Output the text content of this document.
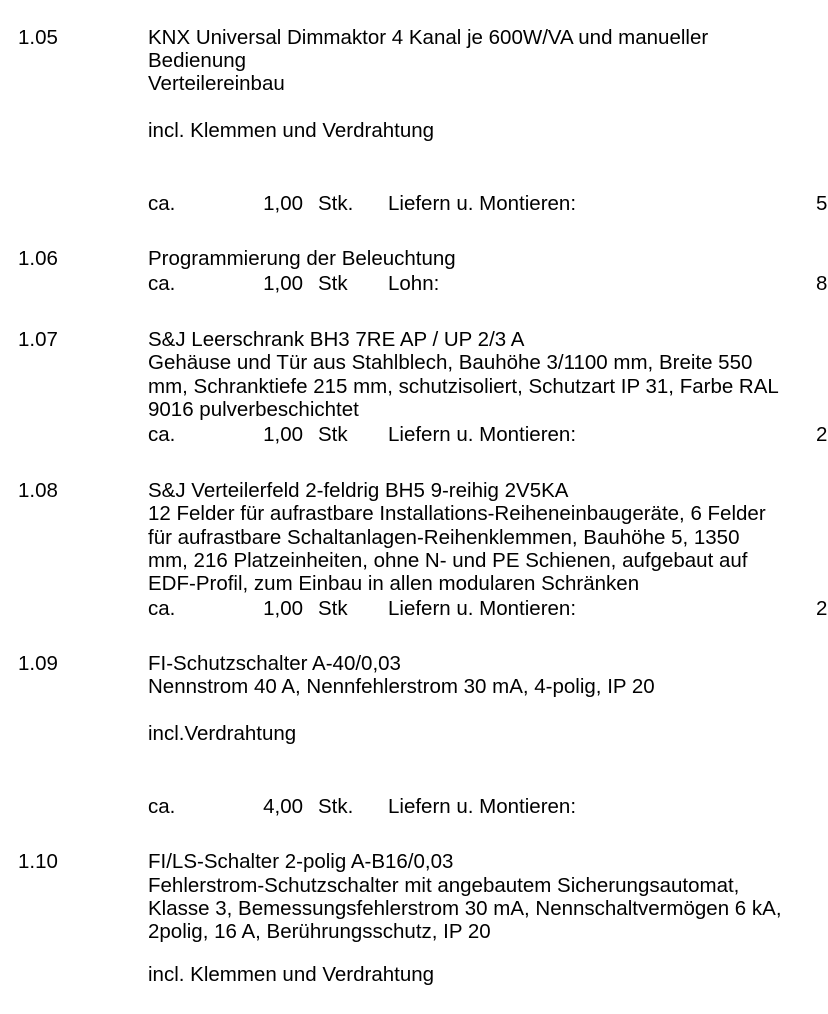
1.05	KNX Universal Dimmaktor 4 Kanal je 600W/VA und manueller
Bedienung
Verteilereinbau
incl. Klemmen und Verdrahtung
ca.	1,00 Stk. Liefern u. Montieren:	5
1.06	Programmierung der Beleuchtung
ca.	1,00 Stk Lohn:	8
1.07	S&J Leerschrank BH3 7RE AP / UP 2/3 A
Gehäuse und Tür aus Stahlblech, Bauhöhe 3/1100 mm, Breite 550
mm, Schranktiefe 215 mm, schutzisoliert, Schutzart IP 31, Farbe RAL
9016 pulverbeschichtet
ca.	1,00 Stk Liefern u. Montieren:	2
1.08	S&J Verteilerfeld 2-feldrig BH5 9-reihig 2V5KA
12 Felder für aufrastbare Installations-Reiheneinbaugeräte, 6 Felder
für aufrastbare Schaltanlagen-Reihenklemmen, Bauhöhe 5, 1350
mm, 216 Platzeinheiten, ohne N- und PE Schienen, aufgebaut auf
EDF-Profil, zum Einbau in allen modularen Schränken
ca.	1,00 Stk Liefern u. Montieren:	2
1.09	FI-Schutzschalter A-40/0,03
Nennstrom 40 A, Nennfehlerstrom 30 mA, 4-polig, IP 20
incl.Verdrahtung
ca.	4,00 Stk. Liefern u. Montieren:
1.10	FI/LS-Schalter 2-polig A-B16/0,03
Fehlerstrom-Schutzschalter mit angebautem Sicherungsautomat,
Klasse 3, Bemessungsfehlerstrom 30 mA, Nennschaltvermögen 6 kA,
2polig, 16 A, Berührungsschutz, IP 20
incl. Klemmen und Verdrahtung
